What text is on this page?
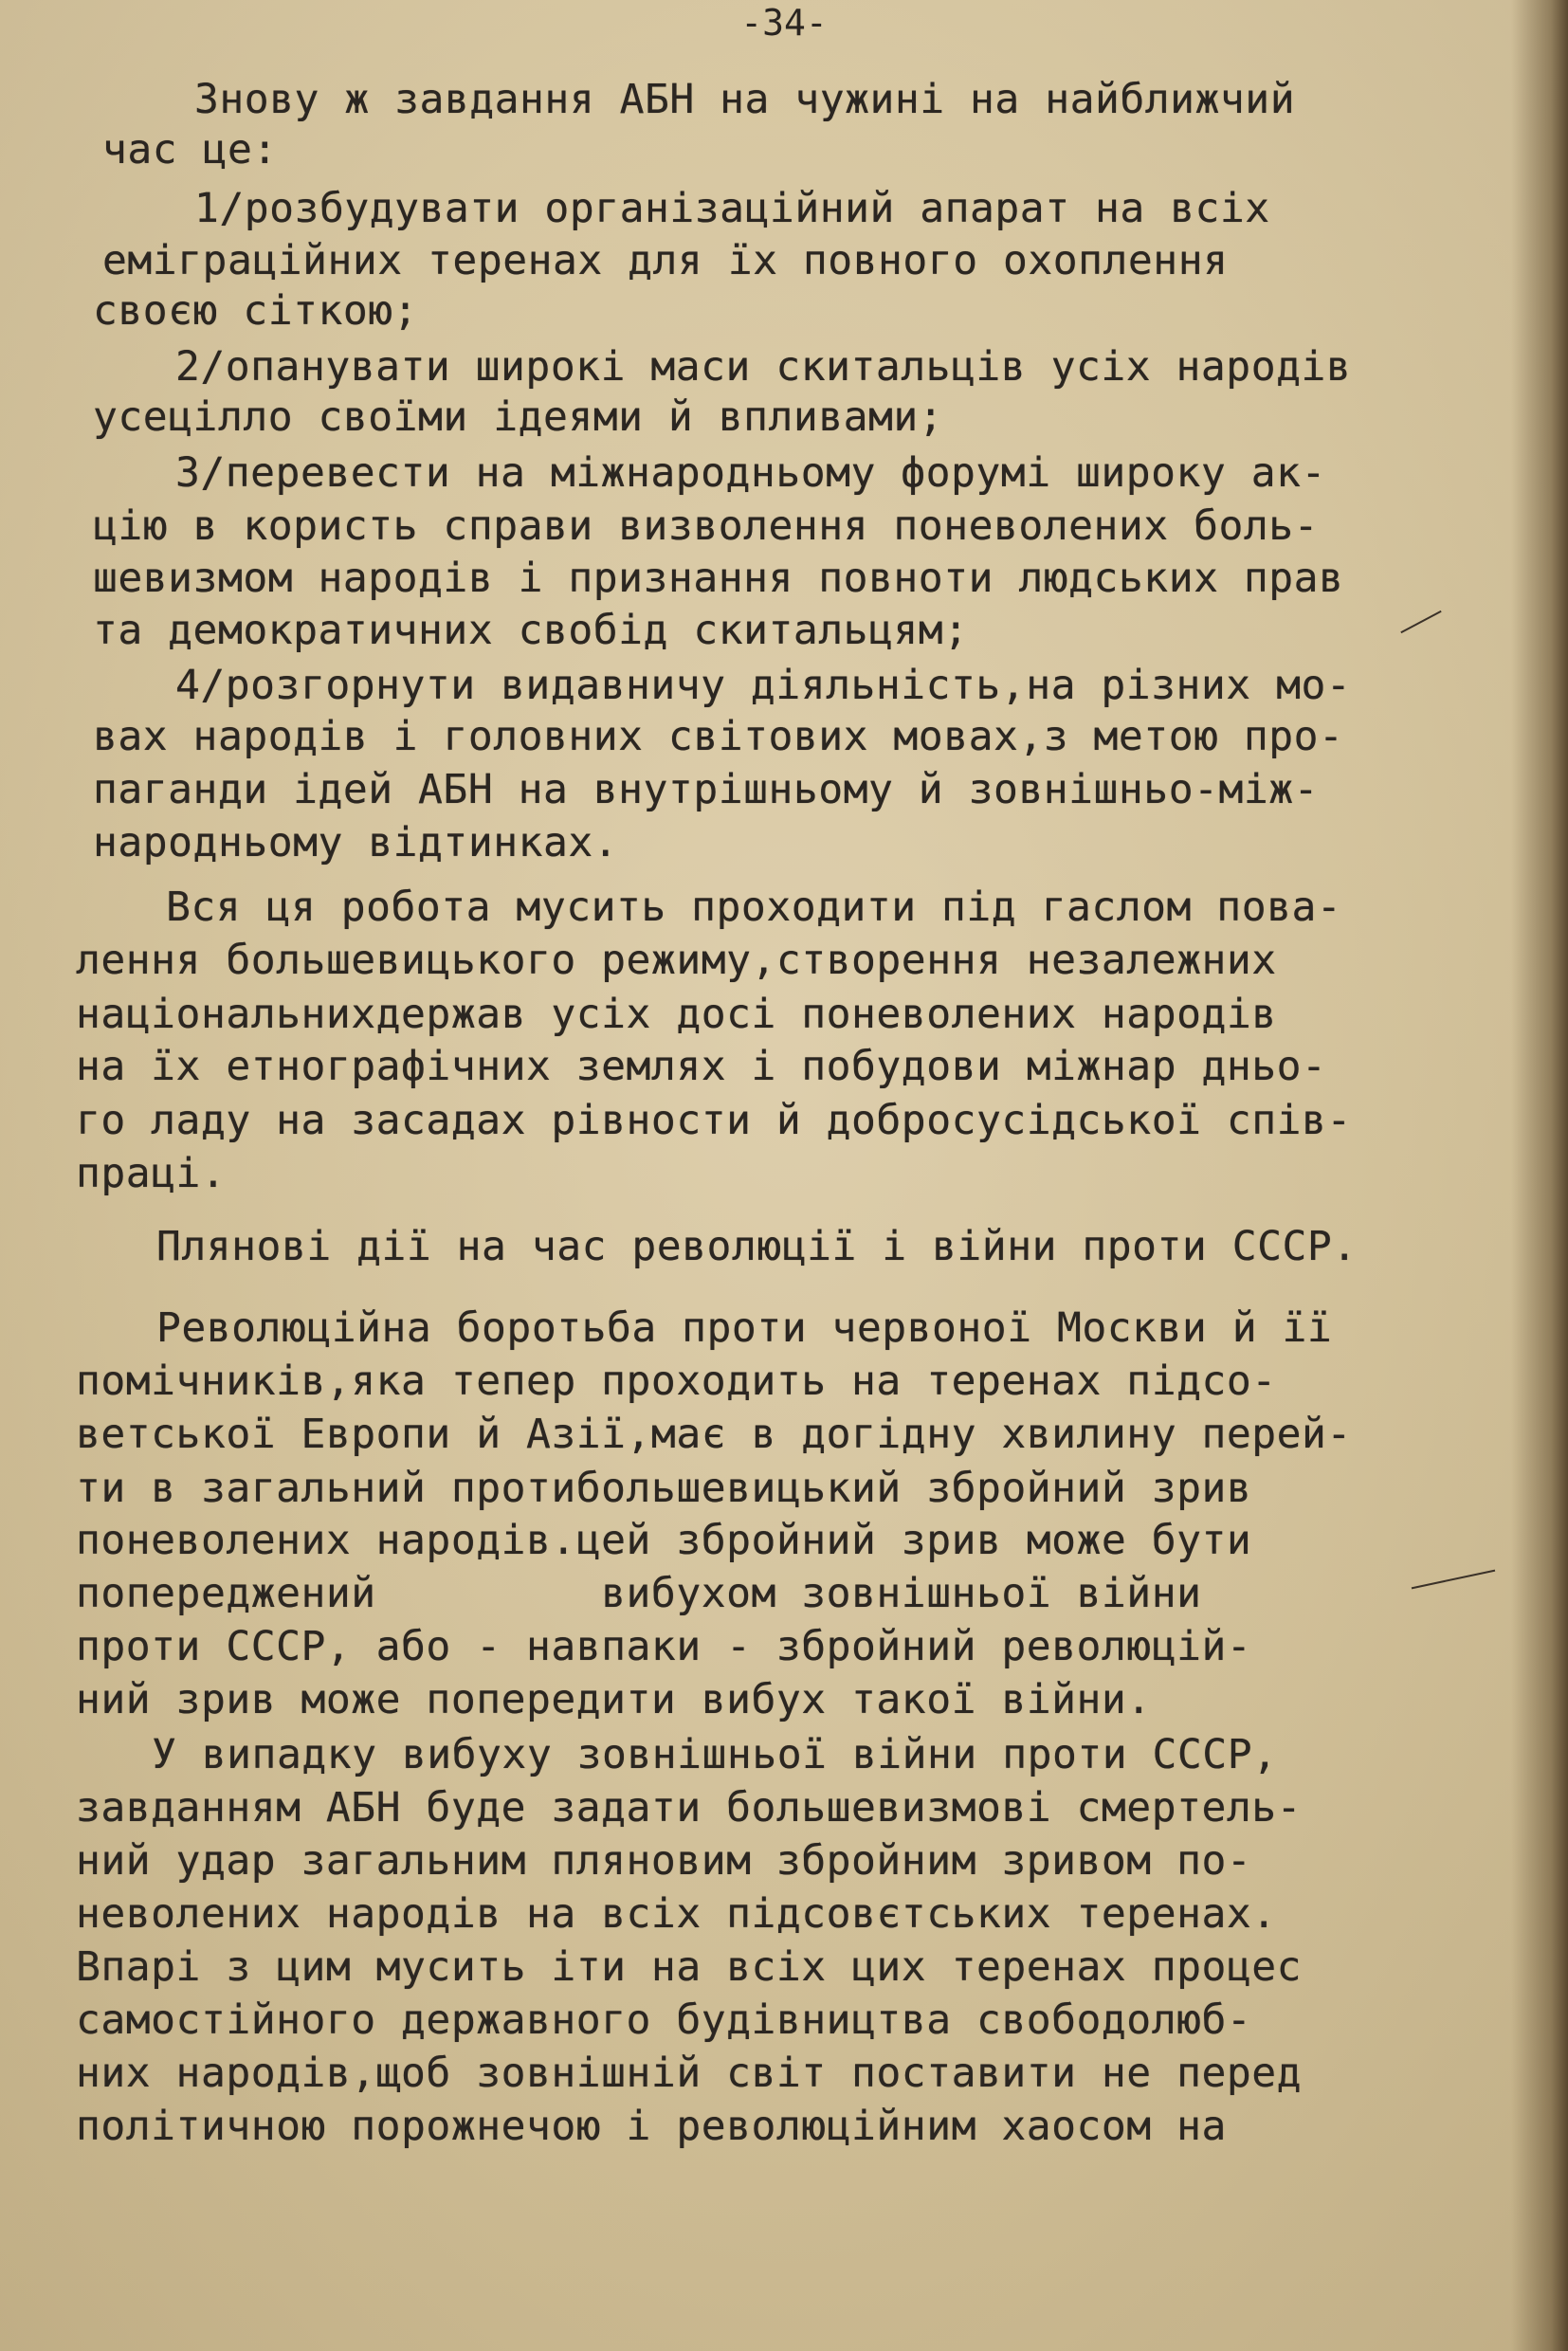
-34-
Знову ж завдання АБН на чужині на найближчий
час це:
1/розбудувати організаційний апарат на всіх
еміграційних теренах для їх повного охоплення
своєю сіткою;
2/опанувати широкі маси скитальців усіх народів
усецілло своїми ідеями й впливами;
3/перевести на міжнародньому форумі широку ак-
цію в користь справи визволення поневолених боль-
шевизмом народів і признання повноти людських прав
та демократичних свобід скитальцям;
4/розгорнути видавничу діяльність,на різних мо-
вах народів і головних світових мовах,з метою про-
паганди ідей АБН на внутрішньому й зовнішньо-між-
народньому відтинках.
Вся ця робота мусить проходити під гаслом пова-
лення большевицького режиму,створення незалежних
національнихдержав усіх досі поневолених народів
на їх етнографічних землях і побудови міжнар дньо-
го ладу на засадах рівности й добросусідської спів-
праці.
Плянові дії на час революції і війни проти СССР.
Революційна боротьба проти червоної Москви й її
помічників,яка тепер проходить на теренах підсо-
ветської Европи й Азії,має в догідну хвилину перей-
ти в загальний протибольшевицький збройний зрив
поневолених народів.цей збройний зрив може бути
попереджений         вибухом зовнішньої війни
проти СССР, або - навпаки - збройний революцій-
ний зрив може попередити вибух такої війни.
У випадку вибуху зовнішньої війни проти СССР,
завданням АБН буде задати большевизмові смертель-
ний удар загальним пляновим збройним зривом по-
неволених народів на всіх підсовєтських теренах.
Впарі з цим мусить іти на всіх цих теренах процес
самостійного державного будівництва свободолюб-
них народів,щоб зовнішній світ поставити не перед
політичною порожнечою і революційним хаосом на
